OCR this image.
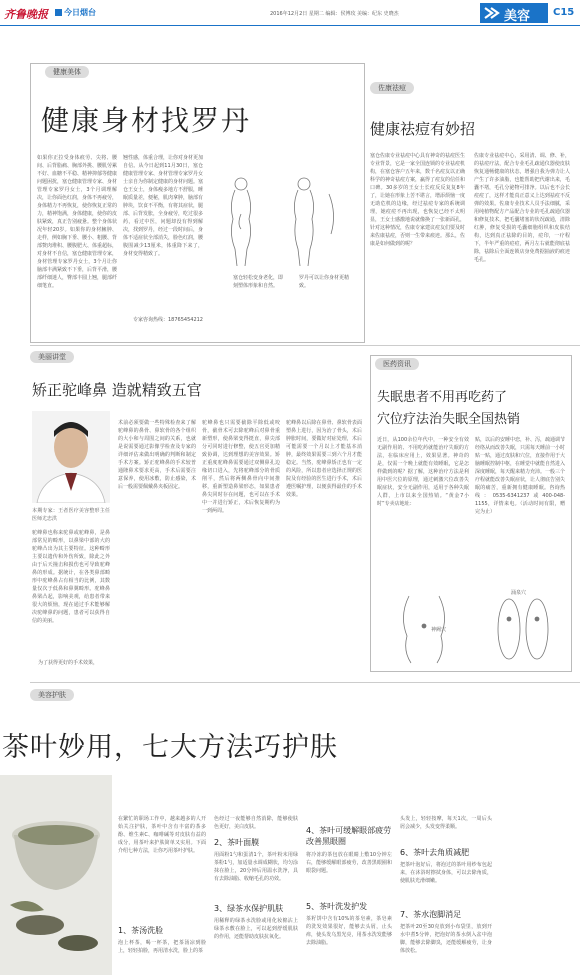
齐鲁晚报 今日烟台	2016年12月2日 星期二 编辑：侯博玫 美编：纪东 史晓杰	美容 C15
健康美体
健康身材找罗丹
如果你正拉受身体痕劳、尖将、腰间、后背脂痛、胸部外挑、腰肌劳累不好、血糖不平稳、精神抑郁等健康问题困扰，塞仓健康管理专家、身材管理专家罗丹女士，3个月调理解决，让你面色红润，身体不再疲劳，身体精力不再恢复，使你恢复正常的力，精神饱满，身体健康，使你的皮肤紧致，真正告别疲惫。整个身体状况年轻20岁。如果你的身材臃肿、走样，例如胸下垂、腰小、粗腰、背部赘肉堆积、腰腹肥大、体重超标，对身材不自信，塞仓健康管理专家，身材管理专家罗丹女士，3个月让你脑部丰满紧致不下垂，后背平滑，腰部纤细迷人，臀部丰圆上翘，腿部纤细笔直。
翘性感，体重合理，让你对身材更加自信。从今日起到11月30日，塞仓健康管理专家、身材管理专家罗丹女士亲自为你制定健康的身材问题。塞仓王女士，身体瘦多地方不舒服，睡眠质量差，便秘，肌肉拿肿，脑部有肿块，饮食不平衡，有将其症状，腿部、后背发胀，全身疲劳，吃过很多药，看过中医，问题却没有得到解决，找到罗丹，经过一段时间后，身体不适症状全部消失，脸色红润，腰腹围减少13厘米，体重降下来了，身材变得精致了。
专家咨询热线：18765454212
塞仓轻松变身老化，即刻塑体形象和自然。
罗丹可以让你身材更精致。
佐康祛痘
健康祛痘有妙招
塞仓佐康专业祛痘中心具有神奇的祛痘医生专业背景，它是一家全国连锁的专业祛痘机构，在塞仓客户五年来，数千名痘友以正确科学的神奇祛痘方案，赢得了痘友的信任和口碑。30多岁的王女士长痘反反复复8年了，让她在形象上苦不堪言，增添烦恼一度无助危机的边缘，经过祛痘专家的系统调理，她痘痘不再出现，也恢复已经不太明显，王女士感激地说就像换了一张新面孔，针对这种情况，佐康专家建议痘友们要及时来佐康祛痘，否则一生带来痕迹。那么，佐康是如何做到的呢？
佐康专业祛痘中心，采用清、调、修、补，的祛痘疗法，配合专业毛孔疏通仪器使皮肤恢复通畅健康的状态，增强自我为弹力让人产生了许多油脂，也能帮助把代谢出来，毛囊不堵，毛孔分泌物可排净。以后也不会长痘痘了，这样才能真正意义上达到祛痘不反弹的效果。佐康专业技术人员手法细腻，采用纯植物配方产品配合专业的毛孔疏通仪器和修复技术，把毛囊堵塞的状况疏通，清除红肿，修复受损的毛囊细胞组织和皮肤结构，达到真正祛除的目的，痘印，一疗程下，半年严重的痘痘，两月左右就能彻底祛除，祛除后全面连锁店身免费据抽液的痕迹毛孔。
美丽讲堂
矫正驼峰鼻 造就精致五官
本期专家：王者医疗美容整形主任医师尤忠洪
驼峰鼻也称来驼鼻或驼峰鼻，是鼻部常见的畸形，以鼻梁中部的大的驼峰凸出为其主要特征。这种畸形主要以遗传和外伤所致，除此之外由于后天撞击和损伤也可导致驼峰鼻的形成。据统计，在各类鼻部畸形中驼峰鼻占有相当的比例，其数量仅次于低鼻和鼻翼畸形。驼峰鼻鼻梁凸起，影响美观，给患者带来很大的烦恼，现在通过手术能够解决驼峰鼻的问题，患者可以获得自信的美丽。
为了获得更好的手术效果，
术前必须要做一些特殊检查来了解驼峰鼻的鼻骨、鼻软骨的各个组织的大小和与周围之间的关系，也就是说需要通过影像学检查及专家的详细评估来做出明确的判断和制定手术方案。矫正驼峰鼻的手术较普通隆鼻术要求更高，手术后需要注意保养，使用冰敷，防止感染，术后一般需要佩戴鼻夹板固定。
驼峰鼻也只需要截除平除低或咬骨，截骨术可去除驼峰后对鼻骨重新塑形，使鼻梁变得挺直，鼻尖部分可同时进行修整，使五官更加精致协调，达到理想的美容效果。矫正重度驼峰鼻需要通过双侧鼻孔边缘切口进入，先将驼峰部分的骨质削平，然后将两侧鼻骨向中间推移，重新塑造鼻梁形态，如果患者鼻尖同时存在问题，也可以在手术中一并进行矫正，术后恢复期约为一到两周。
驼峰鼻以后除在鼻骨、鼻软骨表面塑鼻上进行，因为治了骨头，术后肿胀时间，要做好对症处理，术后可能需要一个月以上才能基本消肿，最终效果需要三到六个月才能稳定。当然，驼峰鼻矫正也有一定的风险，所以患者应选择正规的医院及有经验的医生进行手术，术后遵医嘱护理，以便获得最佳的手术效果。
医药资讯
失眠患者不用再吃药了
穴位疗法治失眠全国热销
近日，从100余位年代中，一种安全有效无副作用的、不用吃药就能治疗失眠的方法，在临床应用上，效果显著。神奇的是，仅需一个晚上就能有效睡眠，它是怎样做到的呢？据了解，这种治疗方法是利用中医穴位的原理，通过刺激穴位改善失眠症状，安全无副作用，适用于各种失眠人群，上市以来全国热销。“黄金7小时”专卖店地址：
贴，以后的安睡中恋，补、泻，疏通调节经络从而改善失眠，只需每天睡前一小时贴一贴，通过皮肤和穴位，直接作用于大脑睡眠控制中枢，在睡觉中就能自然进入深度睡眠，每天醒来精力充沛。一般三个疗程就能改善失眠症状，让人彻底告别失眠的痛苦，重新拥有健康睡眠。咨询热线：0535-6341237或400-048-1155，详情来电。（活动时间有限，赠完为止）
神阙穴
涌泉穴
美容护肤
茶叶妙用，七大方法巧护肤
在繁忙的职场工作中，越来越多的人开始关注护肤，茶叶中含有丰富的茶多酚、维生素C、咖啡碱等对皮肤有益的成分，用茶叶来护肤简单又实用。下面介绍七种方法，让你巧用茶叶护肤。
1、茶汤洗脸
泡上杯茶，喝一杯茶，把茶汤凉到脸上，轻轻拍脸，再用清水洗，脸上的茶
色经过一夜能够自然消除，能够使肤色更好，美白皮肤。
2、茶叶面膜
用面粉1勺和蛋清1个，茶叶粉末用绿茶粉1勺，加适量水调成糊状，均匀涂抹在脸上，20分钟后用温水洗净，具有去除油脂、收缩毛孔的功效。
3、绿茶水保护肌肤
用稀释的绿茶水洗脸或用化妆棉沾上绿茶水敷在脸上，可以起到舒缓肌肤的作用，还能帮助皮肤抗氧化。
4、茶叶可缓解眼部疲劳改善黑眼圈
将冷冻的茶包放在眼睛上敷10分钟左右，能够缓解眼部疲劳，改善黑眼圈和眼袋问题。
5、茶叶洗发护发
茶籽饼中含有10%的茶皂素，茶皂素的洗发效果很好，能够去头屑，止头痒，使头发乌黑光亮，用茶水洗发能够去除油脂。
头发上，轻轻按摩，每天1次，一周后头屑会减少，头发变得柔顺。
6、茶叶去角质减肥
把茶叶泡好后，将泡过的茶叶用纱布包起来，在沐浴时擦拭身体，可以去除角质，使肌肤光滑细嫩。
7、茶水泡脚消足
把茶叶20至30克放到小布袋里，放到开水中煮5分钟，把泡好的茶水倒入盆中泡脚，能够去除脚臭，还能缓解疲劳，让身体放松。
